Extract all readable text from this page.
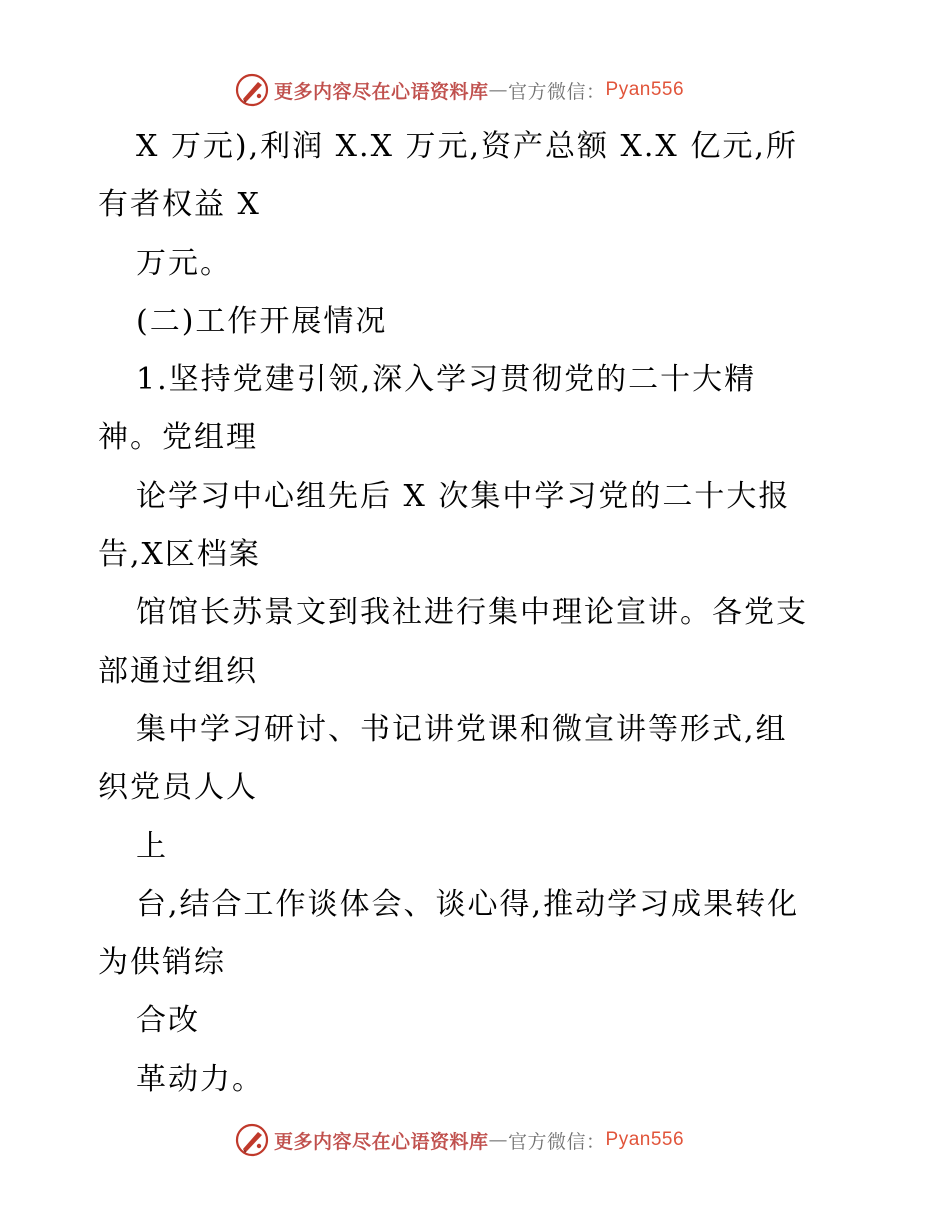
更多内容尽在心语资料库 — 官方微信： Pyan556
X 万元),利润 X.X 万元,资产总额 X.X 亿元,所
有者权益 X
万元。
(二)工作开展情况
1.坚持党建引领,深入学习贯彻党的二十大精
神。党组理
论学习中心组先后 X 次集中学习党的二十大报
告,X区档案
馆馆长苏景文到我社进行集中理论宣讲。各党支
部通过组织
集中学习研讨、书记讲党课和微宣讲等形式,组
织党员人人
上
台,结合工作谈体会、谈心得,推动学习成果转化
为供销综
合改
革动力。
更多内容尽在心语资料库 — 官方微信： Pyan556
